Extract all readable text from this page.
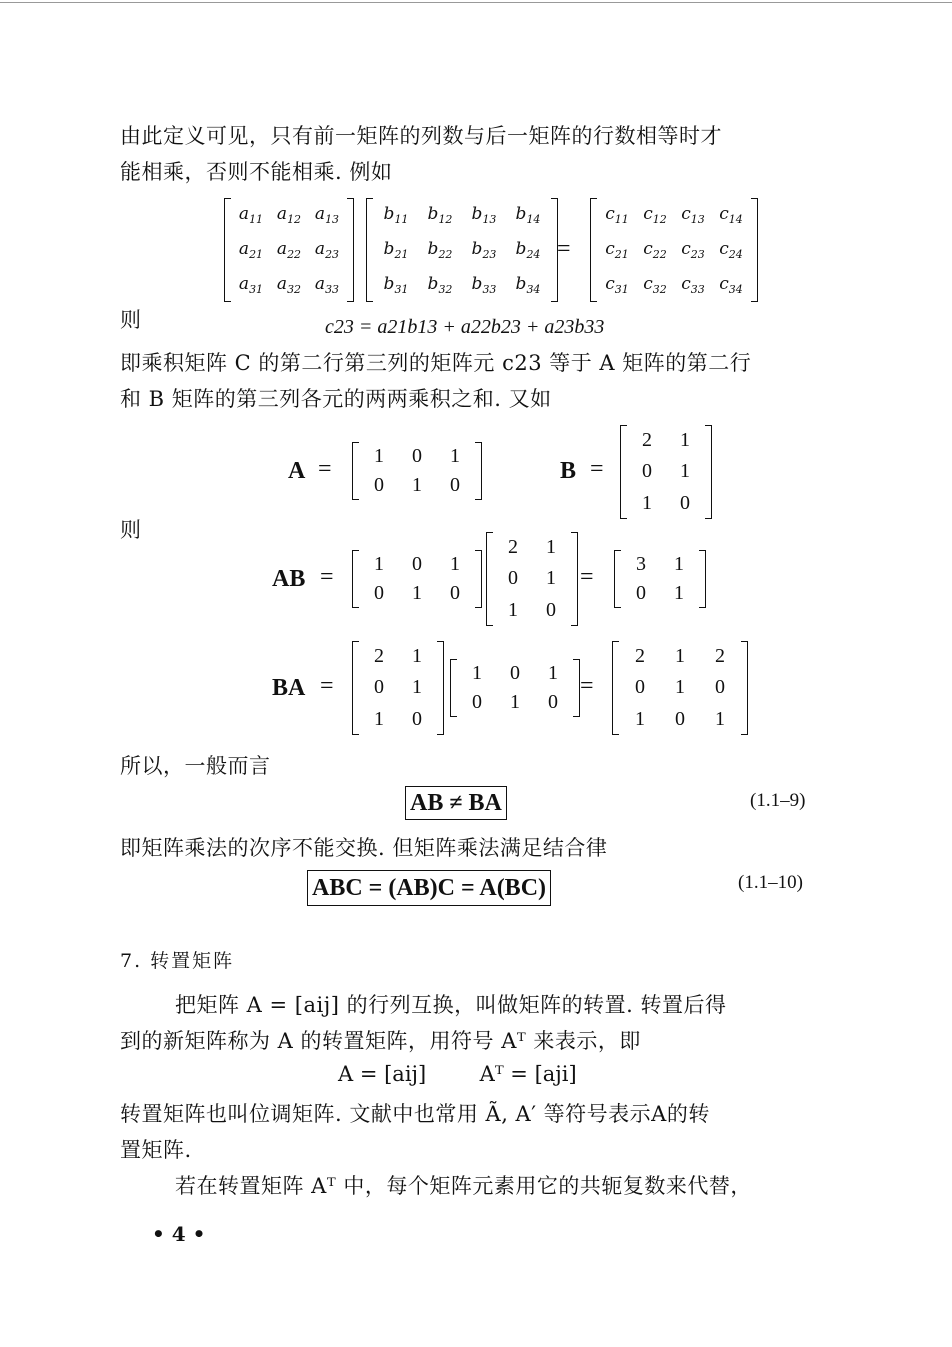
由此定义可见，只有前一矩阵的列数与后一矩阵的行数相等时才
能相乘，否则不能相乘. 例如
$a_{11}$	$a_{12}$	$a_{13}$
$a_{21}$	$a_{22}$	$a_{23}$
$a_{31}$	$a_{32}$	$a_{33}$
$b_{11}$	$b_{12}$	$b_{13}$	$b_{14}$
$b_{21}$	$b_{22}$	$b_{23}$	$b_{24}$
$b_{31}$	$b_{32}$	$b_{33}$	$b_{34}$
=
$c_{11}$	$c_{12}$	$c_{13}$	$c_{14}$
$c_{21}$	$c_{22}$	$c_{23}$	$c_{24}$
$c_{31}$	$c_{32}$	$c_{33}$	$c_{34}$
则	c23 = a21b13 + a22b23 + a23b33
即乘积矩阵 C 的第二行第三列的矩阵元 c23 等于 A 矩阵的第二行
和 B 矩阵的第三列各元的两两乘积之和. 又如
A = 1	0	1
0	1	0
B =
2	1
0	1
1	0
则
AB = 1	0	1
0	1	0
2	1
0	1
1	0
= 3	1
0	1
BA =
2	1
0	1
1	0
1	0	1
0	1	0
=
2	1	2
0	1	0
1	0	1
所以，一般而言
AB ≠ BA	(1.1–9)
即矩阵乘法的次序不能交换. 但矩阵乘法满足结合律
ABC = (AB)C = A(BC)	(1.1–10)
7. 转置矩阵
把矩阵 A = [aij] 的行列互换，叫做矩阵的转置. 转置后得
到的新矩阵称为 A 的转置矩阵，用符号 Aᵀ 来表示，即
A = [aij]        Aᵀ = [aji]
转置矩阵也叫位调矩阵. 文献中也常用 Ã, A′ 等符号表示A的转
置矩阵.
若在转置矩阵 Aᵀ 中，每个矩阵元素用它的共轭复数来代替，
• 4 •
